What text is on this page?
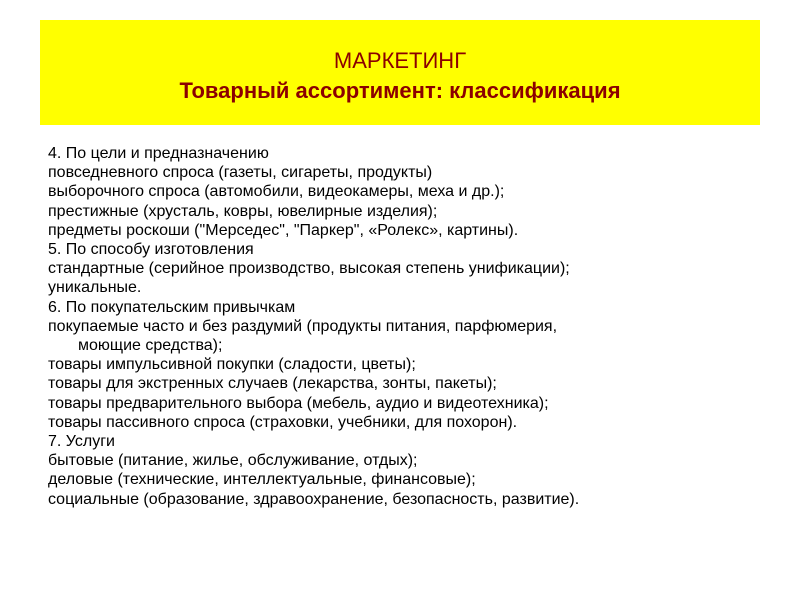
МАРКЕТИНГ
Товарный ассортимент: классификация
4. По цели и предназначению
повседневного спроса (газеты, сигареты, продукты)
выборочного спроса (автомобили, видеокамеры, меха и др.);
престижные (хрусталь, ковры, ювелирные изделия);
предметы роскоши ("Мерседес", "Паркер", «Ролекс», картины).
5. По способу изготовления
стандартные (серийное производство, высокая степень унификации);
уникальные.
6. По покупательским привычкам
покупаемые часто и без раздумий (продукты питания, парфюмерия,
моющие средства);
товары импульсивной покупки (сладости, цветы);
товары для экстренных случаев (лекарства, зонты, пакеты);
товары предварительного выбора (мебель, аудио и видеотехника);
товары пассивного спроса (страховки, учебники, для похорон).
7. Услуги
бытовые (питание, жилье, обслуживание, отдых);
деловые (технические, интеллектуальные, финансовые);
социальные (образование, здравоохранение, безопасность, развитие).
